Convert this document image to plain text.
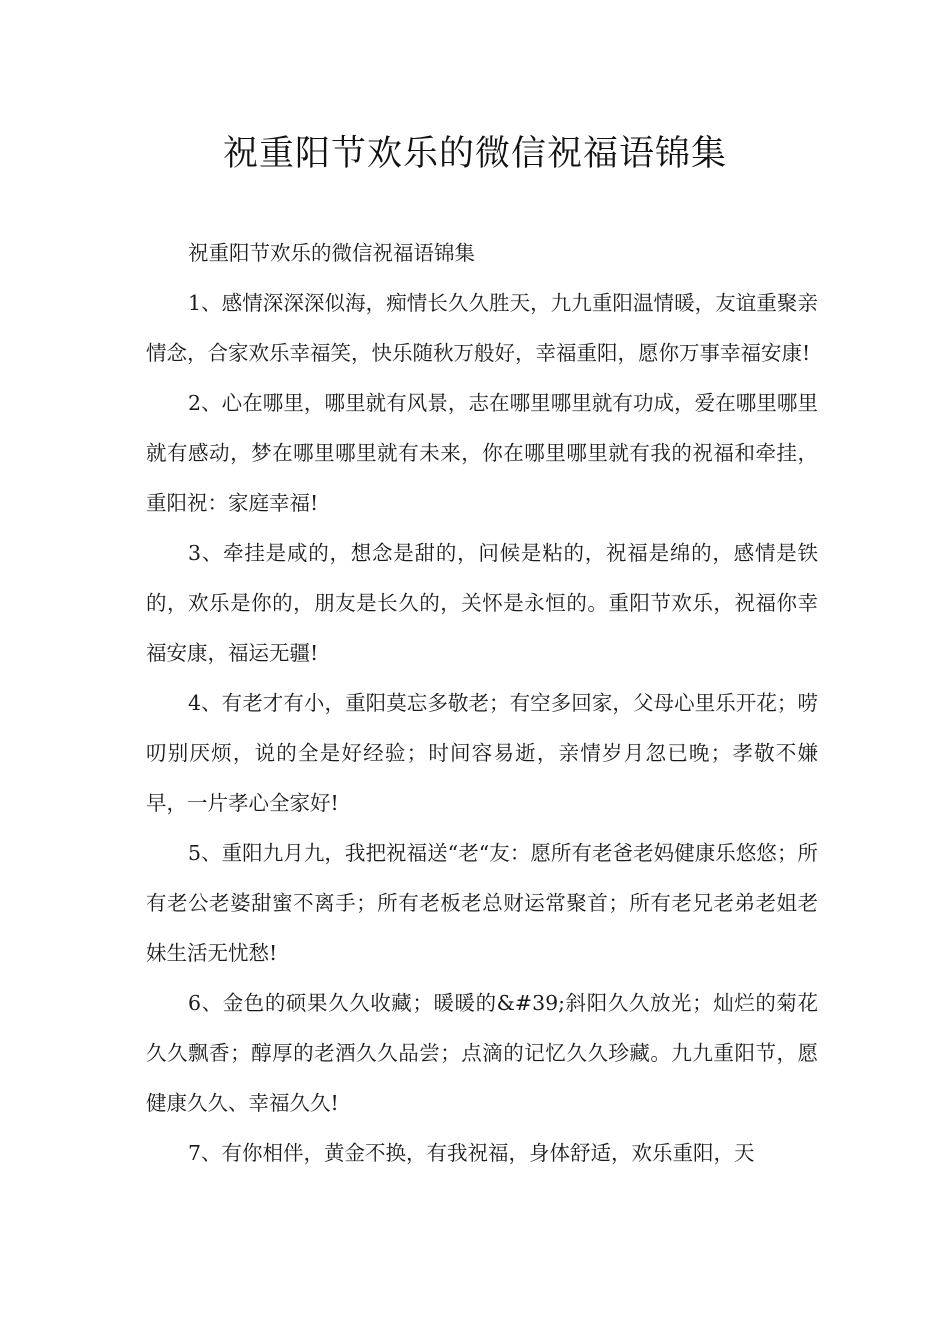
祝重阳节欢乐的微信祝福语锦集

祝重阳节欢乐的微信祝福语锦集

1、感情深深深似海，痴情长久久胜天，九九重阳温情暖，友谊重聚亲情念，合家欢乐幸福笑，快乐随秋万般好，幸福重阳，愿你万事幸福安康!

2、心在哪里，哪里就有风景，志在哪里哪里就有功成，爱在哪里哪里就有感动，梦在哪里哪里就有未来，你在哪里哪里就有我的祝福和牵挂，重阳祝：家庭幸福!

3、牵挂是咸的，想念是甜的，问候是粘的，祝福是绵的，感情是铁的，欢乐是你的，朋友是长久的，关怀是永恒的。重阳节欢乐，祝福你幸福安康，福运无疆!

4、有老才有小，重阳莫忘多敬老；有空多回家，父母心里乐开花；唠叨别厌烦，说的全是好经验；时间容易逝，亲情岁月忽已晚；孝敬不嫌早，一片孝心全家好!

5、重阳九月九，我把祝福送“老“友：愿所有老爸老妈健康乐悠悠；所有老公老婆甜蜜不离手；所有老板老总财运常聚首；所有老兄老弟老姐老妹生活无忧愁!

6、金色的硕果久久收藏；暖暖的&#39;斜阳久久放光；灿烂的菊花久久飘香；醇厚的老酒久久品尝；点滴的记忆久久珍藏。九九重阳节，愿健康久久、幸福久久!

7、有你相伴，黄金不换，有我祝福，身体舒适，欢乐重阳，天
